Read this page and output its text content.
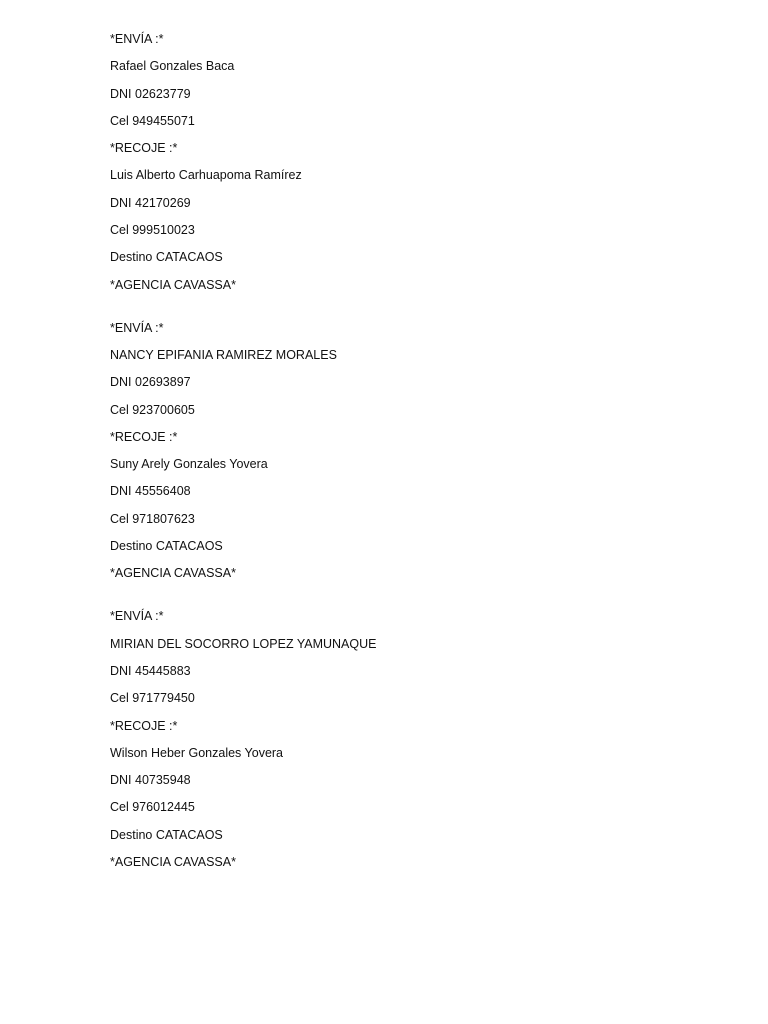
*ENVÍA :*
Rafael Gonzales Baca
DNI 02623779
Cel 949455071
*RECOJE :*
Luis Alberto Carhuapoma Ramírez
DNI 42170269
Cel 999510023
Destino CATACAOS
*AGENCIA CAVASSA*
*ENVÍA :*
NANCY EPIFANIA RAMIREZ MORALES
DNI 02693897
Cel 923700605
*RECOJE :*
Suny Arely Gonzales Yovera
DNI 45556408
Cel 971807623
Destino CATACAOS
*AGENCIA CAVASSA*
*ENVÍA :*
MIRIAN DEL SOCORRO LOPEZ YAMUNAQUE
DNI 45445883
Cel 971779450
*RECOJE :*
Wilson Heber Gonzales Yovera
DNI 40735948
Cel 976012445
Destino CATACAOS
*AGENCIA CAVASSA*
